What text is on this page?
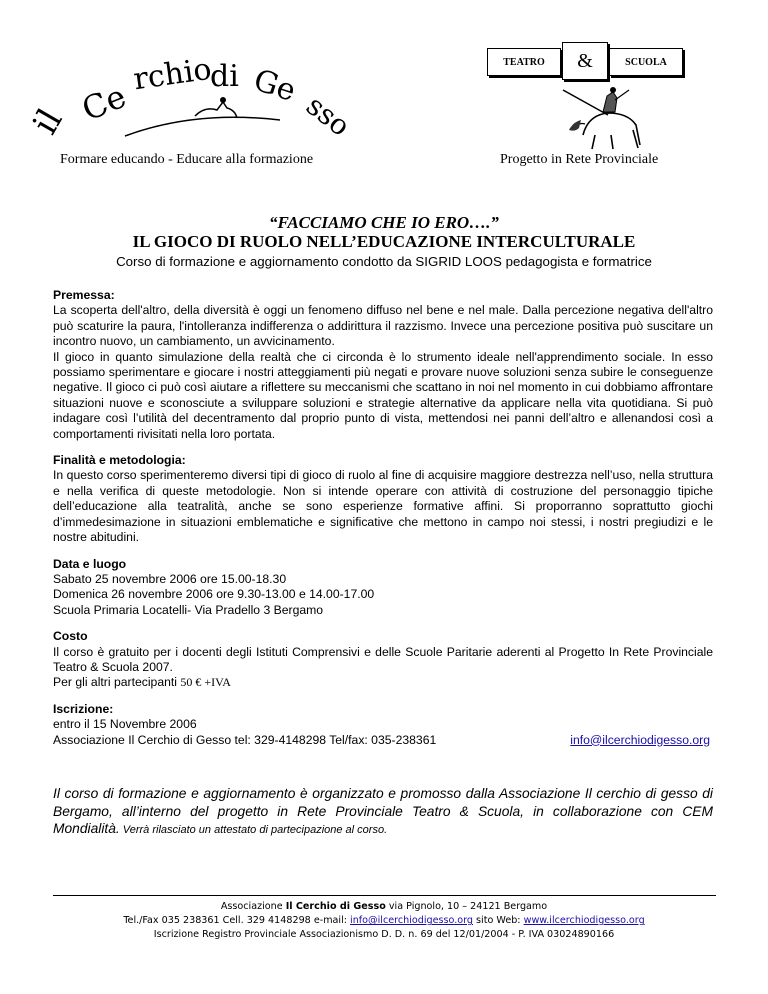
il Ce
rchio
di Ge
sso
TEATRO	&	SCUOLA
Formare educando - Educare alla formazione	Progetto in Rete Provinciale
“FACCIAMO CHE IO ERO….”
IL GIOCO DI RUOLO NELL’EDUCAZIONE INTERCULTURALE
Corso di formazione e aggiornamento condotto da SIGRID LOOS pedagogista e formatrice
Premessa:

La scoperta dell'altro, della diversità è oggi un fenomeno diffuso nel bene e nel male. Dalla percezione negativa dell'altro può scaturire la paura, l'intolleranza indifferenza o addirittura il razzismo. Invece una percezione positiva può suscitare un incontro nuovo, un cambiamento, un avvicinamento.

Il gioco in quanto simulazione della realtà che ci circonda è lo strumento ideale nell'apprendimento sociale. In esso possiamo sperimentare e giocare i nostri atteggiamenti più negati e provare nuove soluzioni senza subire le conseguenze negative. Il gioco ci può così aiutare a riflettere su meccanismi che scattano in noi nel momento in cui dobbiamo affrontare situazioni nuove e sconosciute a sviluppare soluzioni e strategie alternative da applicare nella vita quotidiana. Si può indagare così l’utilità del decentramento dal proprio punto di vista, mettendosi nei panni dell’altro e allenandosi così a comportamenti rivisitati nella loro portata.

Finalità e metodologia:

In questo corso sperimenteremo diversi tipi di gioco di ruolo al fine di acquisire maggiore destrezza nell’uso, nella struttura e nella verifica di queste metodologie. Non si intende operare con attività di costruzione del personaggio tipiche dell’educazione alla teatralità, anche se sono esperienze formative affini. Si proporranno soprattutto giochi d’immedesimazione in situazioni emblematiche e significative che mettono in campo noi stessi, i nostri pregiudizi e le nostre abitudini.

Data e luogo

Sabato 25 novembre 2006 ore 15.00-18.30

Domenica 26 novembre 2006 ore 9.30-13.00 e 14.00-17.00

Scuola Primaria Locatelli- Via Pradello 3 Bergamo

Costo

Il corso è gratuito per i docenti degli Istituti Comprensivi e delle Scuole Paritarie aderenti al Progetto In Rete Provinciale Teatro & Scuola 2007.

Per gli altri partecipanti 50 € +IVA

Iscrizione:

entro il 15 Novembre 2006

Associazione Il Cerchio di Gesso tel: 329-4148298 Tel/fax: 035-238361	info@ilcerchiodigesso.org

Il corso di formazione e aggiornamento è organizzato e promosso dalla Associazione Il cerchio di gesso di Bergamo, all’interno del progetto in Rete Provinciale Teatro & Scuola, in collaborazione con CEM Mondialità. Verrà rilasciato un attestato di partecipazione al corso.
Associazione Il Cerchio di Gesso via Pignolo, 10 – 24121 Bergamo
Tel./Fax 035 238361 Cell. 329 4148298 e-mail: info@ilcerchiodigesso.org sito Web: www.ilcerchiodigesso.org
Iscrizione Registro Provinciale Associazionismo D. D. n. 69 del 12/01/2004 - P. IVA 03024890166
